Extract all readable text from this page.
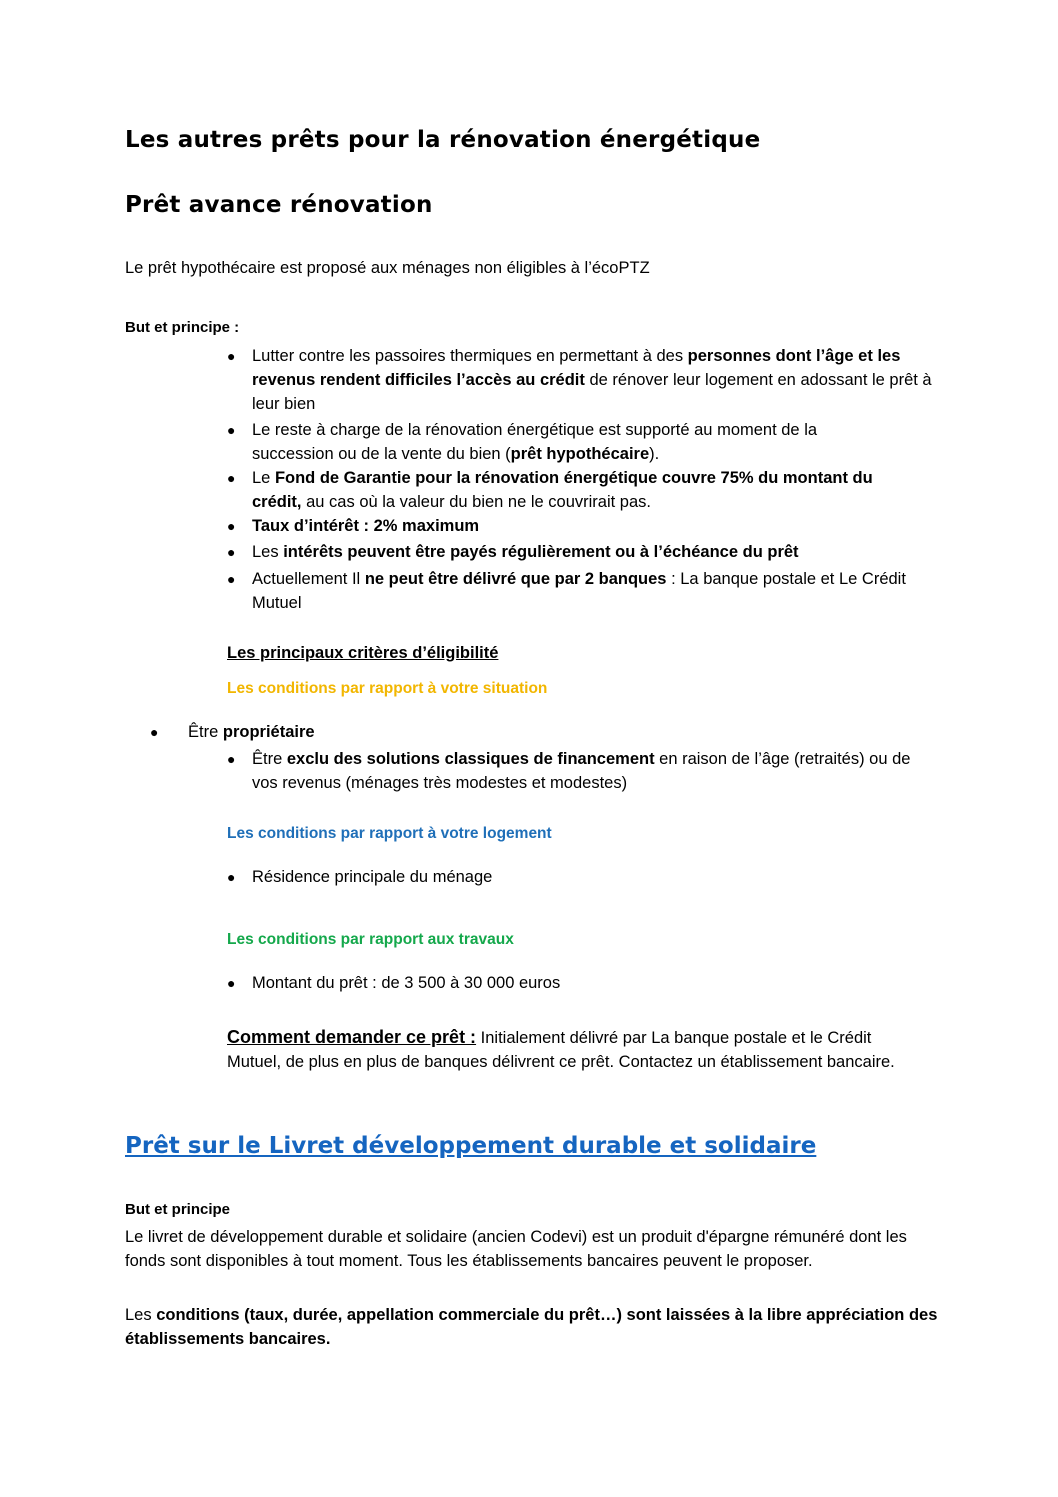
Les autres prêts pour la rénovation énergétique
Prêt avance rénovation
Le prêt hypothécaire est proposé aux ménages non éligibles à l’écoPTZ
But et principe :
● Lutter contre les passoires thermiques en permettant à des personnes dont l’âge et les revenus rendent difficiles l’accès au crédit de rénover leur logement en adossant le prêt à leur bien
● Le reste à charge de la rénovation énergétique est supporté au moment de la succession ou de la vente du bien (prêt hypothécaire).
● Le Fond de Garantie pour la rénovation énergétique couvre 75% du montant du crédit, au cas où la valeur du bien ne le couvrirait pas.
● Taux d’intérêt : 2% maximum
● Les intérêts peuvent être payés régulièrement ou à l’échéance du prêt
● Actuellement Il ne peut être délivré que par 2 banques : La banque postale et Le Crédit Mutuel
Les principaux critères d’éligibilité
Les conditions par rapport à votre situation
● Être propriétaire
● Être exclu des solutions classiques de financement en raison de l’âge (retraités) ou de vos revenus (ménages très modestes et modestes)
Les conditions par rapport à votre logement
● Résidence principale du ménage
Les conditions par rapport aux travaux
● Montant du prêt : de 3 500 à 30 000 euros
Comment demander ce prêt : Initialement délivré par La banque postale et le Crédit Mutuel, de plus en plus de banques délivrent ce prêt. Contactez un établissement bancaire.
Prêt sur le Livret développement durable et solidaire
But et principe
Le livret de développement durable et solidaire (ancien Codevi) est un produit d'épargne rémunéré dont les fonds sont disponibles à tout moment. Tous les établissements bancaires peuvent le proposer.
Les conditions (taux, durée, appellation commerciale du prêt…) sont laissées à la libre appréciation des établissements bancaires.
